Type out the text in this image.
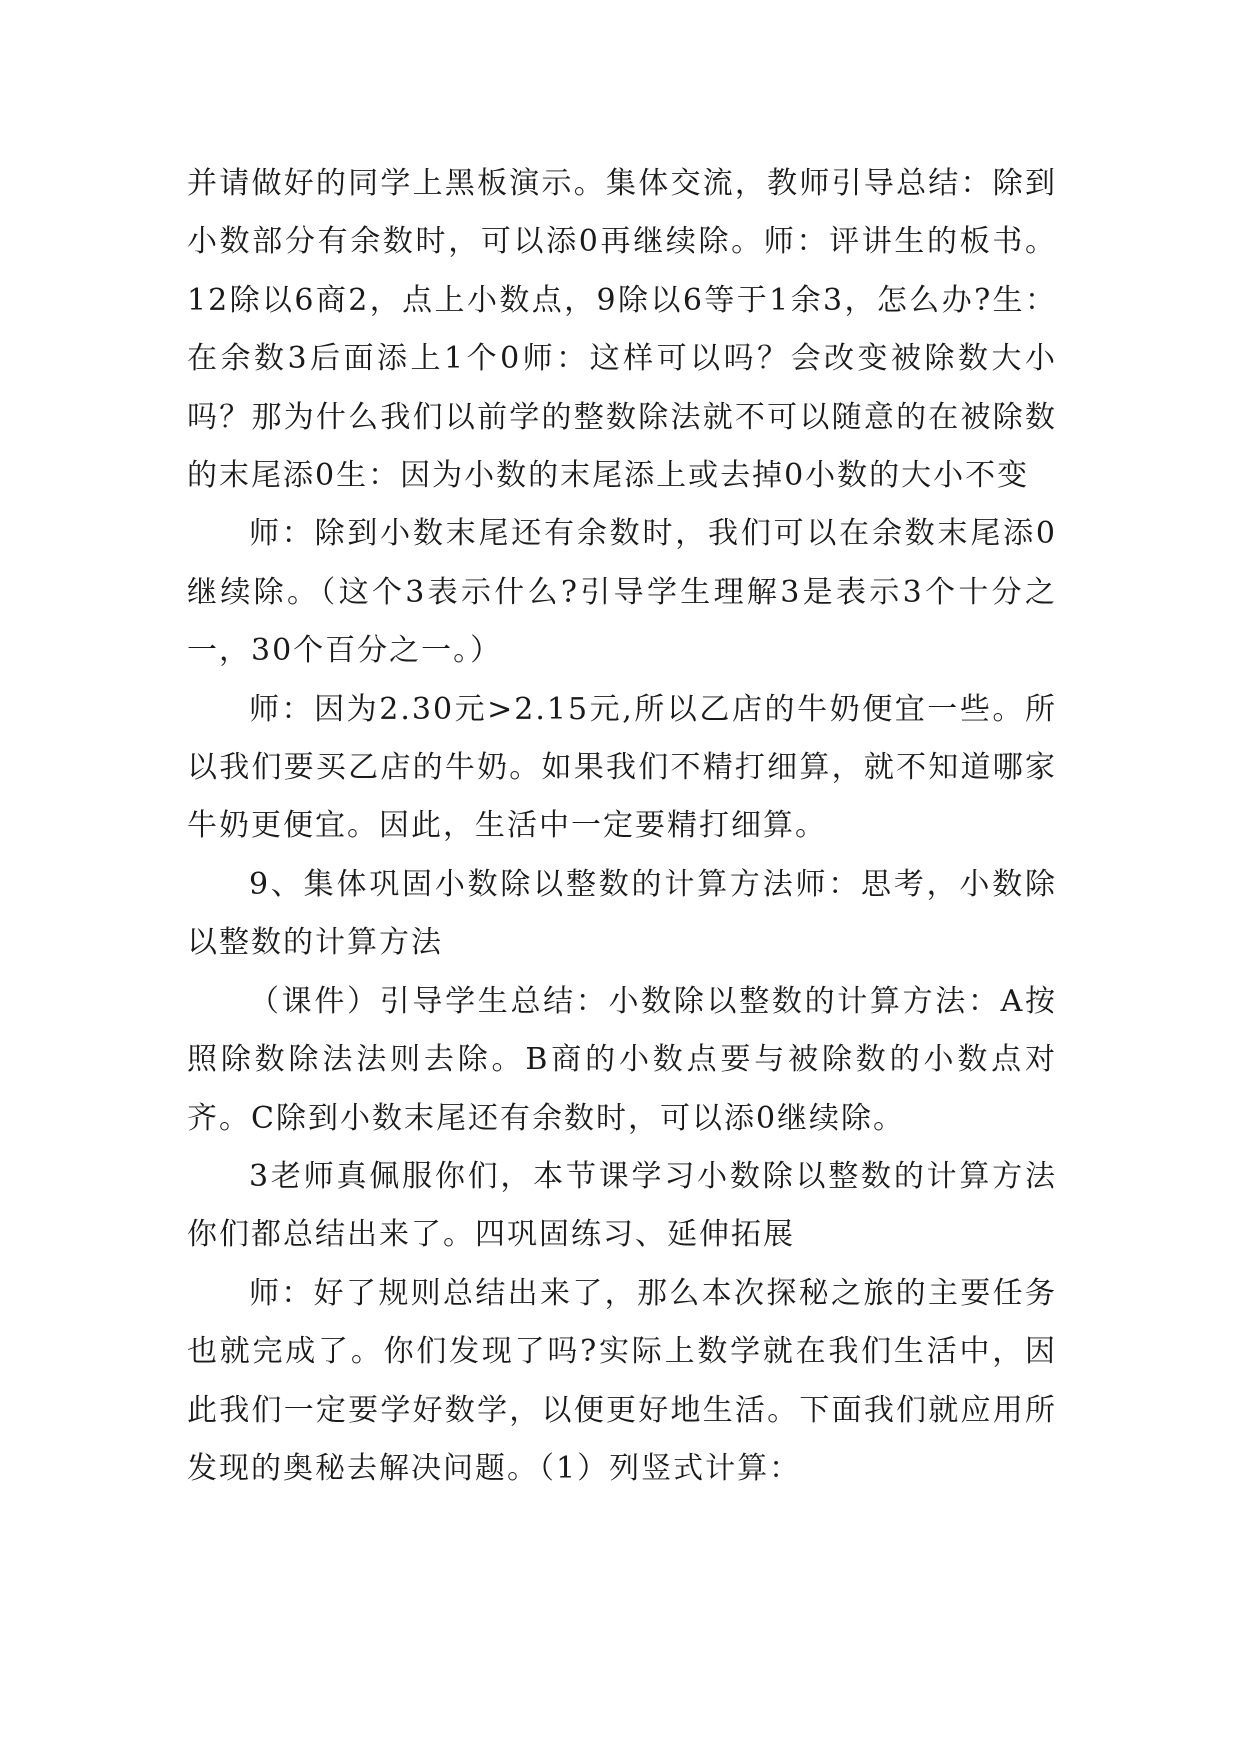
并请做好的同学上黑板演示。集体交流，教师引导总结：除到小数部分有余数时，可以添0再继续除。师：评讲生的板书。12除以6商2，点上小数点，9除以6等于1余3，怎么办?生：在余数3后面添上1个0师：这样可以吗？会改变被除数大小吗？那为什么我们以前学的整数除法就不可以随意的在被除数的末尾添0生：因为小数的末尾添上或去掉0小数的大小不变

师：除到小数末尾还有余数时，我们可以在余数末尾添0继续除。（这个3表示什么?引导学生理解3是表示3个十分之一，30个百分之一。）

师：因为2.30元>2.15元,所以乙店的牛奶便宜一些。所以我们要买乙店的牛奶。如果我们不精打细算，就不知道哪家牛奶更便宜。因此，生活中一定要精打细算。

9、集体巩固小数除以整数的计算方法师：思考，小数除以整数的计算方法

（课件）引导学生总结：小数除以整数的计算方法：A按照除数除法法则去除。B商的小数点要与被除数的小数点对齐。C除到小数末尾还有余数时，可以添0继续除。

3老师真佩服你们，本节课学习小数除以整数的计算方法你们都总结出来了。四巩固练习、延伸拓展

师：好了规则总结出来了，那么本次探秘之旅的主要任务也就完成了。你们发现了吗?实际上数学就在我们生活中，因此我们一定要学好数学，以便更好地生活。下面我们就应用所发现的奥秘去解决问题。（1）列竖式计算：
